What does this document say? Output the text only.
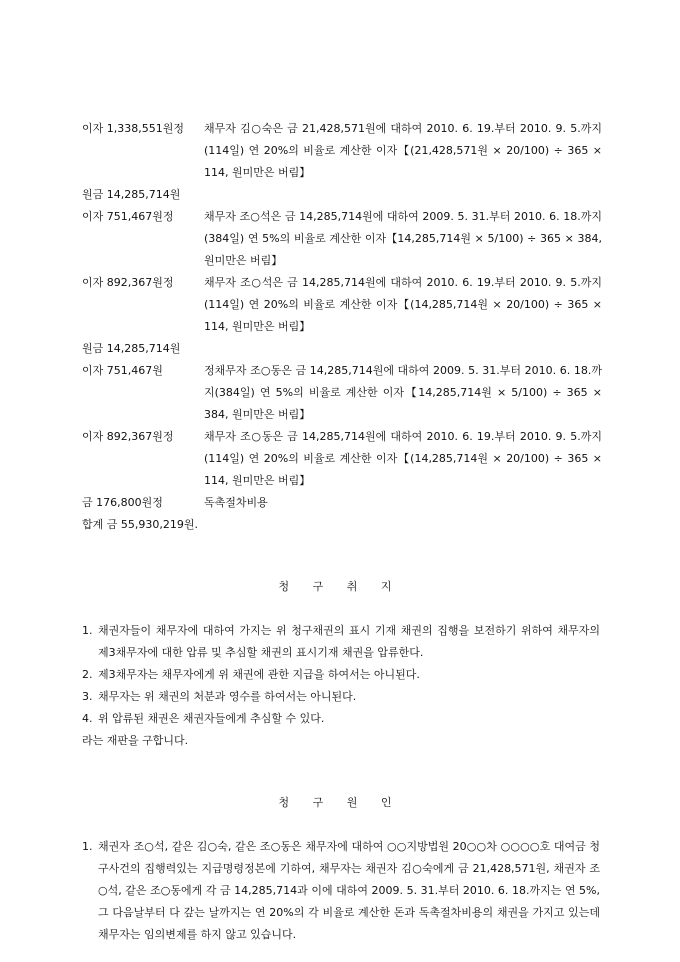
이자 1,338,551원정	채무자 김○숙은 금 21,428,571원에 대하여 2010. 6. 19.부터 2010. 9. 5.까지(114일) 연 20%의 비율로 계산한 이자【(21,428,571원 × 20/100) ÷ 365 × 114, 원미만은 버림】
원금 14,285,714원
이자 751,467원정	채무자 조○석은 금 14,285,714원에 대하여 2009. 5. 31.부터 2010. 6. 18.까지(384일) 연 5%의 비율로 계산한 이자【14,285,714원 × 5/100) ÷ 365 × 384, 원미만은 버림】
이자 892,367원정	채무자 조○석은 금 14,285,714원에 대하여 2010. 6. 19.부터 2010. 9. 5.까지(114일) 연 20%의 비율로 계산한 이자【(14,285,714원 × 20/100) ÷ 365 × 114, 원미만은 버림】
원금 14,285,714원
이자 751,467원	정채무자 조○동은 금 14,285,714원에 대하여 2009. 5. 31.부터 2010. 6. 18.까지(384일) 연 5%의 비율로 계산한 이자【14,285,714원 × 5/100) ÷ 365 × 384, 원미만은 버림】
이자 892,367원정	채무자 조○동은 금 14,285,714원에 대하여 2010. 6. 19.부터 2010. 9. 5.까지(114일) 연 20%의 비율로 계산한 이자【(14,285,714원 × 20/100) ÷ 365 × 114, 원미만은 버림】
금 176,800원정	독촉절차비용
합계 금 55,930,219원.
청 구 취 지
1. 채권자들이 채무자에 대하여 가지는 위 청구채권의 표시 기재 채권의 집행을 보전하기 위하여 채무자의 제3채무자에 대한 압류 및 추심할 채권의 표시기재 채권을 압류한다.
2. 제3채무자는 채무자에게 위 채권에 관한 지급을 하여서는 아니된다.
3. 채무자는 위 채권의 처분과 영수를 하여서는 아니된다.
4. 위 압류된 채권은 채권자들에게 추심할 수 있다.
라는 재판을 구합니다.
청 구 원 인
1. 채권자 조○석, 같은 김○숙, 같은 조○동은 채무자에 대하여 ○○지방법원 20○○차 ○○○○호 대여금 청구사건의 집행력있는 지급명령정본에 기하여, 채무자는 채권자 김○숙에게 금 21,428,571원, 채권자 조○석, 같은 조○동에게 각 금 14,285,714과 이에 대하여 2009. 5. 31.부터 2010. 6. 18.까지는 연 5%, 그 다음날부터 다 갚는 날까지는 연 20%의 각 비율로 계산한 돈과 독촉절차비용의 채권을 가지고 있는데 채무자는 임의변제를 하지 않고 있습니다.
